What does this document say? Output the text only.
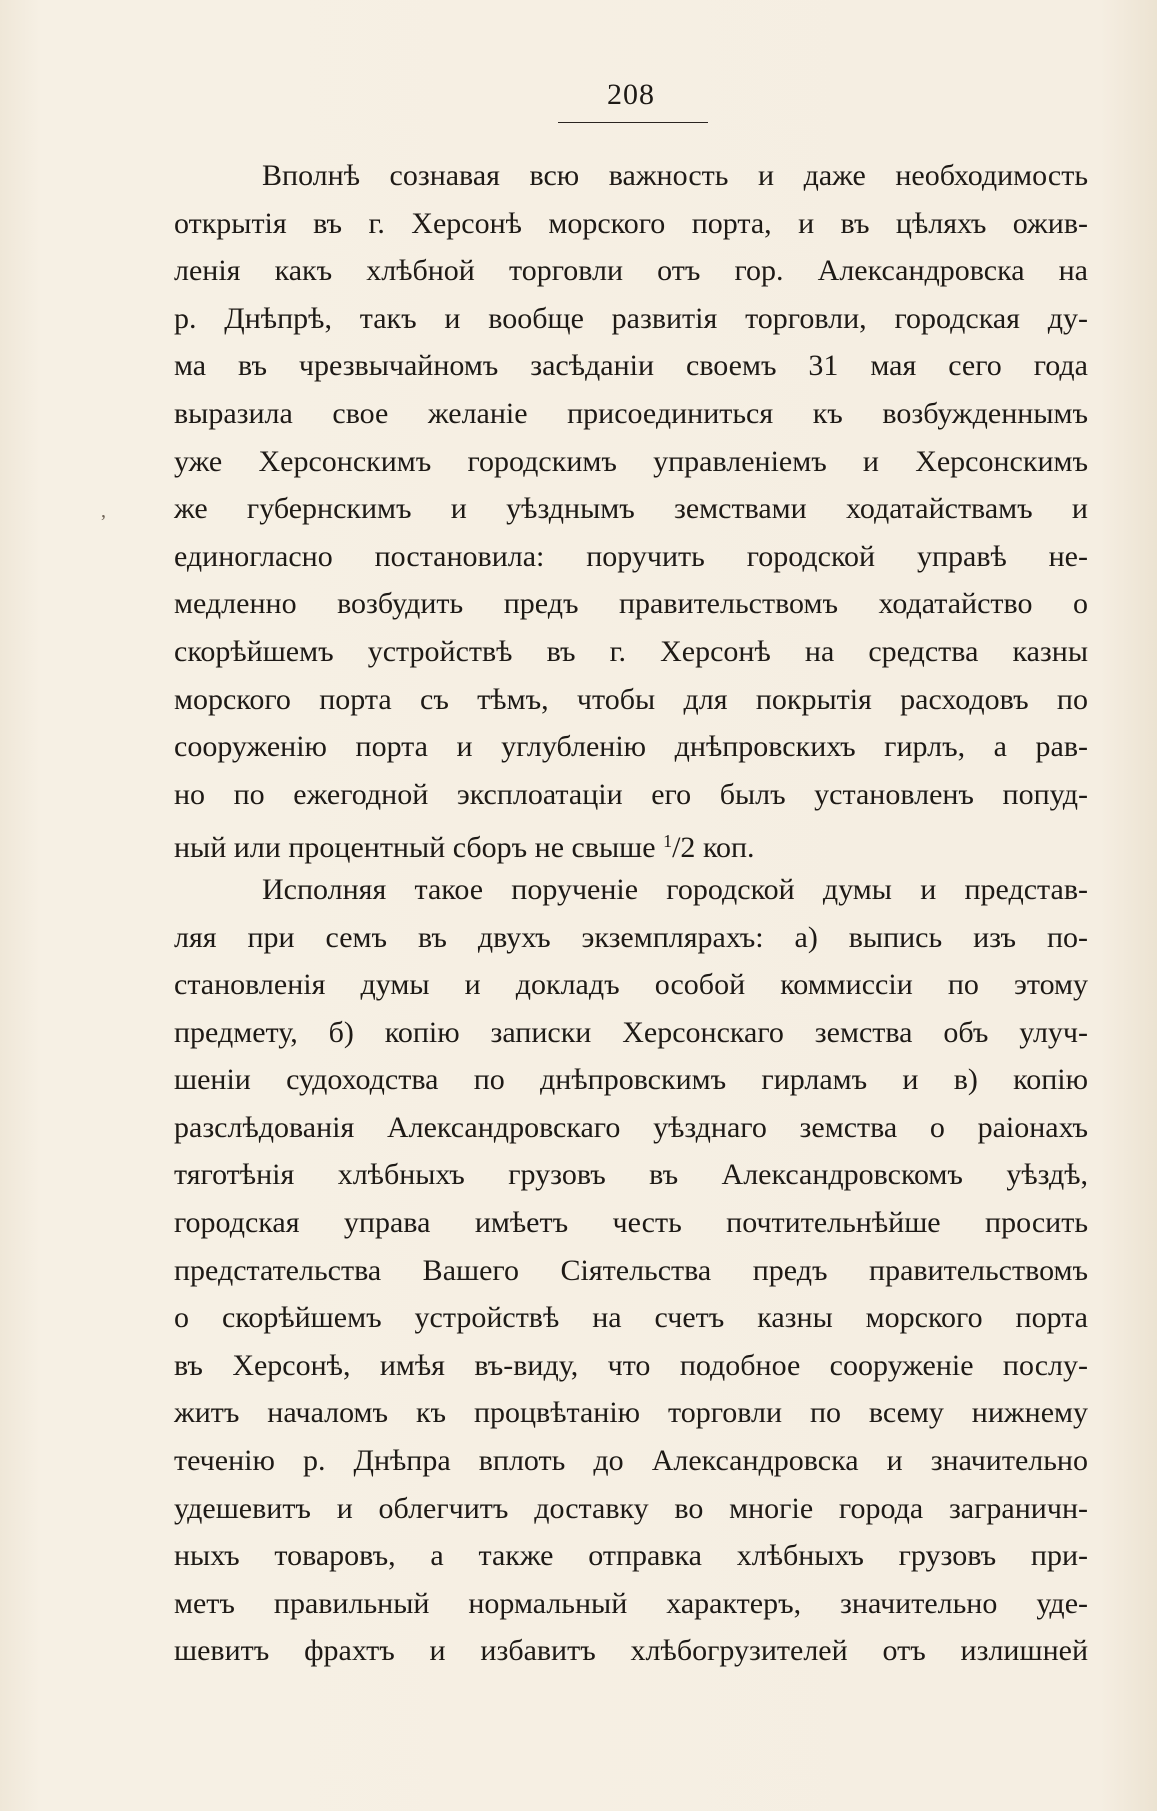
208
‚
Вполнѣ сознавая всю важность и даже необходимость
открытія въ г. Херсонѣ морского порта, и въ цѣляхъ ожив-
ленія какъ хлѣбной торговли отъ гор. Александровска на
р. Днѣпрѣ, такъ и вообще развитія торговли, городская ду-
ма въ чрезвычайномъ засѣданіи своемъ 31 мая сего года
выразила свое желаніе присоединиться къ возбужденнымъ
уже Херсонскимъ городскимъ управленіемъ и Херсонскимъ
же губернскимъ и уѣзднымъ земствами ходатайствамъ и
единогласно постановила: поручить городской управѣ не-
медленно возбудить предъ правительствомъ ходатайство о
скорѣйшемъ устройствѣ въ г. Херсонѣ на средства казны
морского порта съ тѣмъ, чтобы для покрытія расходовъ по
сооруженію порта и углубленію днѣпровскихъ гирлъ, а рав-
но по ежегодной эксплоатаціи его былъ установленъ попуд-
ный или процентный сборъ не свыше $^1$/2 коп.
Исполняя такое порученіе городской думы и представ-
ляя при семъ въ двухъ экземплярахъ: а) выпись изъ по-
становленія думы и докладъ особой коммиссіи по этому
предмету, б) копію записки Херсонскаго земства объ улуч-
шеніи судоходства по днѣпровскимъ гирламъ и в) копію
разслѣдованія Александровскаго уѣзднаго земства о раіонахъ
тяготѣнія хлѣбныхъ грузовъ въ Александровскомъ уѣздѣ,
городская управа имѣетъ честь почтительнѣйше просить
предстательства Вашего Сіятельства предъ правительствомъ
о скорѣйшемъ устройствѣ на счетъ казны морского порта
въ Херсонѣ, имѣя въ-виду, что подобное сооруженіе послу-
житъ началомъ къ процвѣтанію торговли по всему нижнему
теченію р. Днѣпра вплоть до Александровска и значительно
удешевитъ и облегчитъ доставку во многіе города заграничн-
ныхъ товаровъ, а также отправка хлѣбныхъ грузовъ при-
метъ правильный нормальный характеръ, значительно уде-
шевитъ фрахтъ и избавитъ хлѣбогрузителей отъ излишней
